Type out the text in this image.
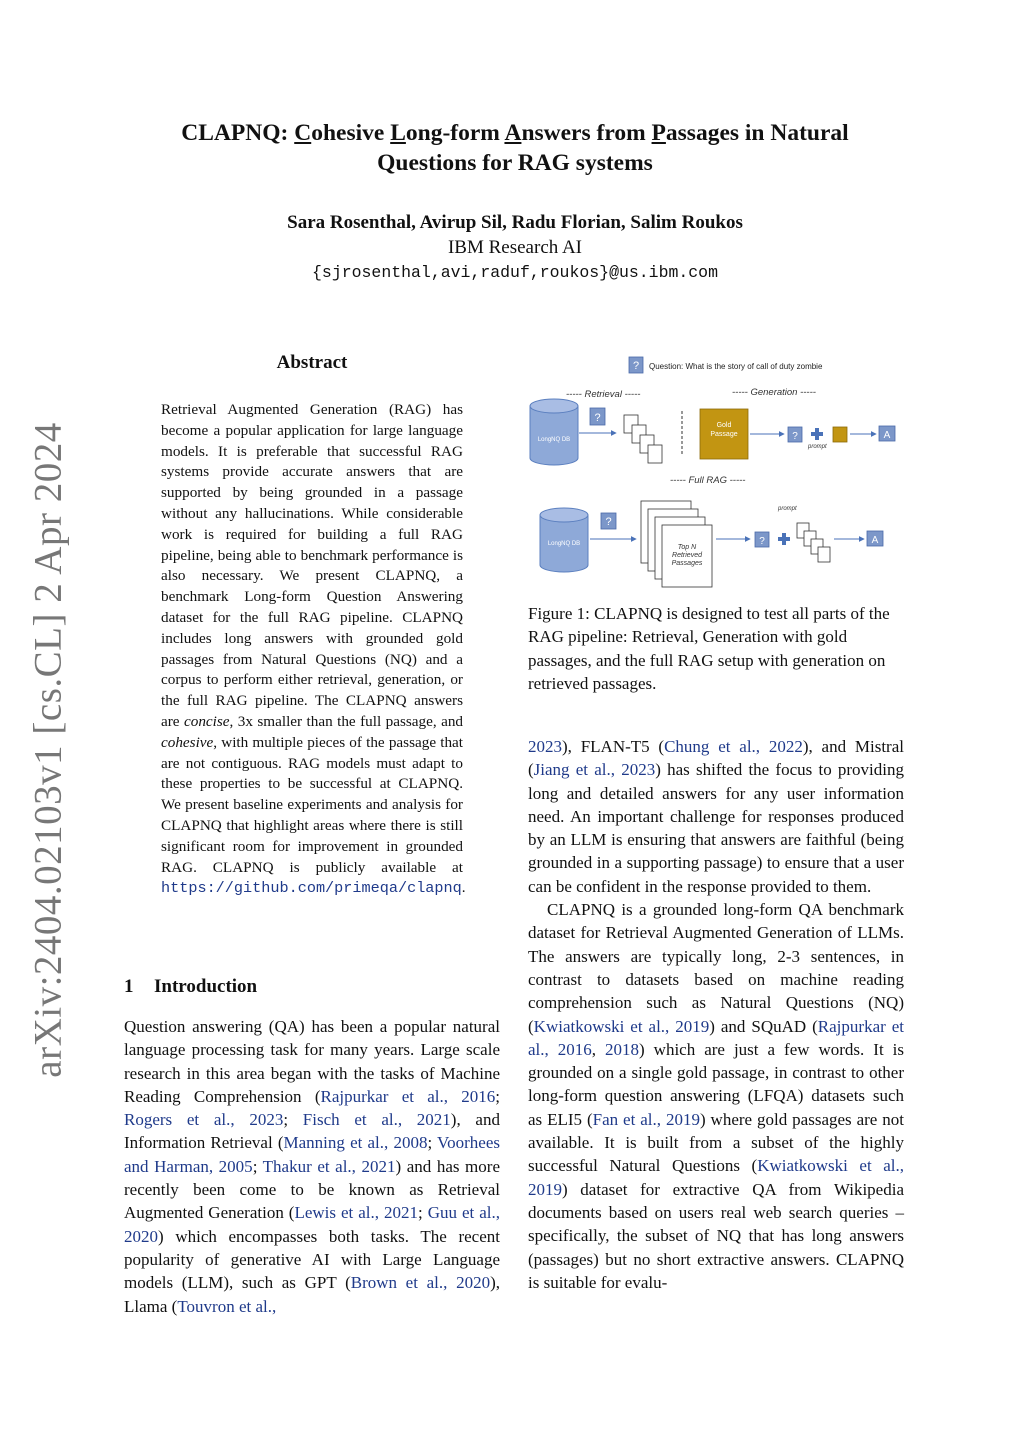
arXiv:2404.02103v1 [cs.CL] 2 Apr 2024
CLAPNQ: Cohesive Long-form Answers from Passages in Natural
Questions for RAG systems
Sara Rosenthal, Avirup Sil, Radu Florian, Salim Roukos
IBM Research AI
{sjrosenthal,avi,raduf,roukos}@us.ibm.com
Abstract

Retrieval Augmented Generation (RAG) has become a popular application for large language models. It is preferable that successful RAG systems provide accurate answers that are supported by being grounded in a passage without any hallucinations. While considerable work is required for building a full RAG pipeline, being able to benchmark performance is also necessary. We present CLAPNQ, a benchmark Long-form Question Answering dataset for the full RAG pipeline. CLAPNQ includes long answers with grounded gold passages from Natural Questions (NQ) and a corpus to perform either retrieval, generation, or the full RAG pipeline. The CLAPNQ answers are concise, 3x smaller than the full passage, and cohesive, with multiple pieces of the passage that are not contiguous. RAG models must adapt to these properties to be successful at CLAPNQ. We present baseline experiments and analysis for CLAPNQ that highlight areas where there is still significant room for improvement in grounded RAG. CLAPNQ is publicly available at https://github.com/primeqa/clapnq.

1 Introduction

Question answering (QA) has been a popular natural language processing task for many years. Large scale research in this area began with the tasks of Machine Reading Comprehension (Rajpurkar et al., 2016; Rogers et al., 2023; Fisch et al., 2021), and Information Retrieval (Manning et al., 2008; Voorhees and Harman, 2005; Thakur et al., 2021) and has more recently been come to be known as Retrieval Augmented Generation (Lewis et al., 2021; Guu et al., 2020) which encompasses both tasks. The recent popularity of generative AI with Large Language models (LLM), such as GPT (Brown et al., 2020), Llama (Touvron et al.,

? Question: What is the story of call of duty zombie
----- Retrieval -----	----- Generation -----
LongNQ DB
?
Gold
Passage	?
prompt
A
----- Full RAG -----
LongNQ DB
?
Top N
Retrieved
Passages
?
prompt
A
Figure 1: CLAPNQ is designed to test all parts of the RAG pipeline: Retrieval, Generation with gold passages, and the full RAG setup with generation on retrieved passages.

2023), FLAN-T5 (Chung et al., 2022), and Mistral (Jiang et al., 2023) has shifted the focus to providing long and detailed answers for any user information need. An important challenge for responses produced by an LLM is ensuring that answers are faithful (being grounded in a supporting passage) to ensure that a user can be confident in the response provided to them.

CLAPNQ is a grounded long-form QA benchmark dataset for Retrieval Augmented Generation of LLMs. The answers are typically long, 2-3 sentences, in contrast to datasets based on machine reading comprehension such as Natural Questions (NQ) (Kwiatkowski et al., 2019) and SQuAD (Rajpurkar et al., 2016, 2018) which are just a few words. It is grounded on a single gold passage, in contrast to other long-form question answering (LFQA) datasets such as ELI5 (Fan et al., 2019) where gold passages are not available. It is built from a subset of the highly successful Natural Questions (Kwiatkowski et al., 2019) dataset for extractive QA from Wikipedia documents based on users real web search queries – specifically, the subset of NQ that has long answers (passages) but no short extractive answers. CLAPNQ is suitable for evalu-
